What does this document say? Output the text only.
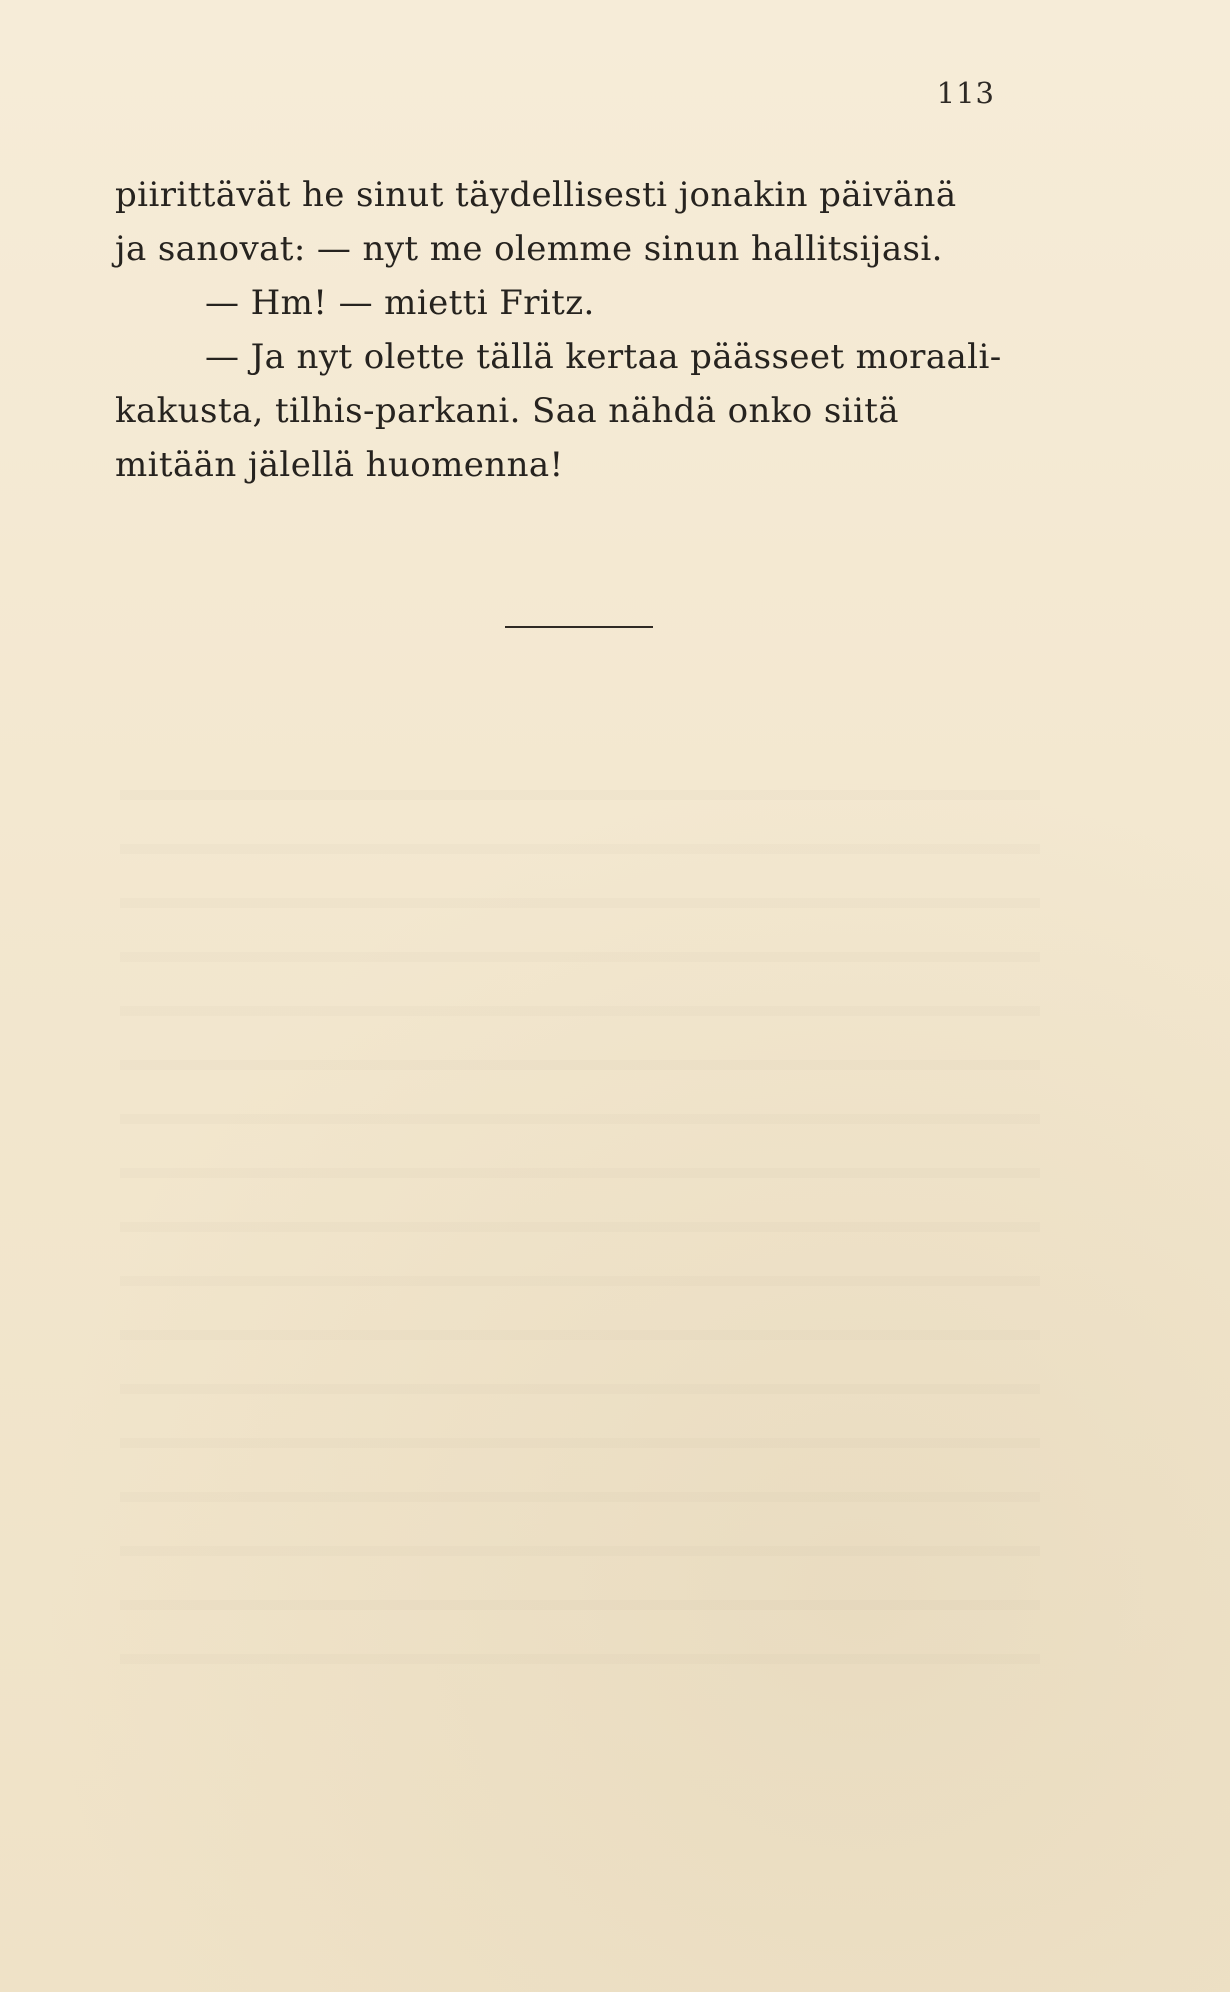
113
piirittävät he sinut täydellisesti jonakin päivänä
ja sanovat: — nyt me olemme sinun hallitsijasi.
— Hm! — mietti Fritz.
— Ja nyt olette tällä kertaa päässeet moraali-
kakusta, tilhis-parkani. Saa nähdä onko siitä
mitään jälellä huomenna!
